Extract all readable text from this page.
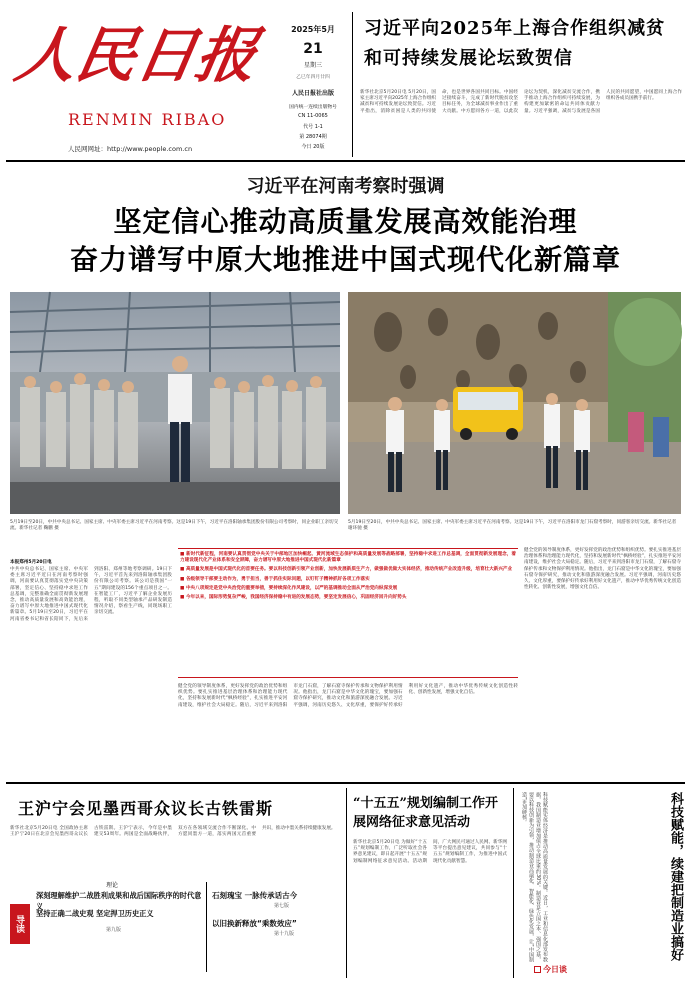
人民日报
RENMIN RIBAO
人民网网址：http://www.people.com.cn
2025年5月
21
星期三
乙巳年四月廿四
人民日报社出版
国内统一连续出版物号
CN 11-0065
代号 1-1
第 28074期
今日 20版
习近平向2025年上海合作组织减贫和可持续发展论坛致贺信
新华社北京5月20日电 5月20日，国家主席习近平向2025年上海合作组织减贫和可持续发展论坛致贺信。习近平指出，消除贫困是人类的共同使命，也是世界各国共同目标。中国经过接续奋斗，完成了新时代脱贫攻坚目标任务，为全球减贫事业作出了重大贡献。中方愿同各方一道，以此次论坛为契机，深化减贫交流合作，携手推动上海合作组织可持续发展，为构建更加紧密的命运共同体贡献力量。习近平强调，减贫与发展是各国人民的共同愿望，中国愿同上海合作组织各成员国携手前行。
习近平在河南考察时强调
坚定信心推动高质量发展高效能治理
奋力谱写中原大地推进中国式现代化新篇章
5月19日至20日，中共中央总书记、国家主席、中央军委主席习近平在河南考察。这是19日下午，习近平在洛阳轴承集团股份有限公司考察时，同企业职工亲切交流。新华社记者 鞠鹏 摄
5月19日至20日，中共中央总书记、国家主席、中央军委主席习近平在河南考察。这是19日下午，习近平在洛阳市龙门石窟考察时，同游客亲切交流。新华社记者 谢环驰 摄
本报郑州5月20日电
中共中央总书记、国家主席、中央军委主席习近平近日在河南考察时强调，河南要认真贯彻落实党中央决策部署，坚定信心、坚持稳中求进工作总基调，完整准确全面贯彻新发展理念，推动高质量发展和高效能治理，奋力谱写中原大地推进中国式现代化新篇章。5月19日至20日，习近平在河南省委书记和省长陪同下，先后来到洛阳、郑州等地考察调研。19日下午，习近平首先来到洛阳轴承集团股份有限公司考察。该公司是我国“一五”期间建设的156个重点项目之一。在智能工厂，习近平了解企业发展历程，听取不同类型轴承产品研发制造情况介绍，察看生产线，同现场职工亲切交流。
■ 新时代新征程，河南要认真贯彻党中央关于中部地区加快崛起、黄河流域生态保护和高质量发展等战略部署，坚持稳中求进工作总基调，全面贯彻新发展理念，着力建设现代化产业体系和安全屏障，奋力谱写中原大地推进中国式现代化新篇章
■ 高质量发展是中国式现代化的首要任务。要以科技创新引领产业创新，加快发展新质生产力，做强做优做大实体经济，推动传统产业改造升级，培育壮大新兴产业
■ 各级领导干部要主动作为，勇于担当，善于抓住实际问题，以钉钉子精神抓好各项工作落实
■ 中央八项规定是党中央治党的重要举措，要持续深化作风建设，以严的基调推动全面从严治党向纵深发展
■ 今年以来，国际形势复杂严峻，我国经济保持稳中有进的发展态势，要坚定发展信心，巩固经济回升向好势头
健全党的领导制度体系，更好发挥党的政治优势和组织优势。要扎实推进基层治理体系和治理能力现代化，坚持和发展新时代“枫桥经验”，扎实推进平安河南建设，维护社会大局稳定。随后，习近平来到洛阳市龙门石窟，了解石窟寺保护传承和文物保护利用情况。他指出，龙门石窟是中华文化的瑰宝，要加强石窟寺保护研究，推动文化和旅游深度融合发展。习近平强调，河南历史悠久、文化厚重，要保护好传承好利用好文化遗产，推动中华优秀传统文化创造性转化、创新性发展，增强文化自信。
健全党的领导制度体系，更好发挥党的政治优势和组织优势。要扎实推进基层治理体系和治理能力现代化，坚持和发展新时代“枫桥经验”，扎实推进平安河南建设，维护社会大局稳定。随后，习近平来到洛阳市龙门石窟，了解石窟寺保护传承和文物保护利用情况。他指出，龙门石窟是中华文化的瑰宝，要加强石窟寺保护研究，推动文化和旅游深度融合发展。习近平强调，河南历史悠久、文化厚重，要保护好传承好利用好文化遗产，推动中华优秀传统文化创造性转化、创新性发展，增强文化自信。
王沪宁会见墨西哥众议长古铁雷斯
新华社北京5月20日电 全国政协主席王沪宁20日在北京会见墨西哥众议长古铁雷斯。王沪宁表示，今年是中墨建交53周年。两国是全面战略伙伴，双方在各领域交流合作不断深化。中方愿同墨方一道，落实两国元首重要共识，推动中墨关系持续健康发展。
“十五五”规划编制工作开展网络征求意见活动
新华社北京5月20日电 为做好“十五五”规划编制工作，广泛听取社会各界意见建议，即日起开展“十五五”规划编制网络征求意见活动。活动期间，广大网民可通过人民网、新华网等平台提出意见建议，共同参与“十五五”规划编制工作，为推进中国式现代化贡献智慧。
导读
理论
深刻理解维护二战胜利成果和战后国际秩序的时代意义
坚持正确二战史观 坚定捍卫历史正义
第九版
石刻瑰宝 一脉传承话古今
第七版
以旧换新释放“乘数效应”
第十九版	科技赋能实体经济是推动高质量发展的关键。近日，工业和信息化部发布数据，我国制造业增加值占全球比重约30%。制造业是立国之本、强国之基，要以科技创新为引领，推动制造业高端化、智能化、绿色化发展，让“中国制造”更加硬核。	科技赋能，续建把制造业搞好
今日谈
